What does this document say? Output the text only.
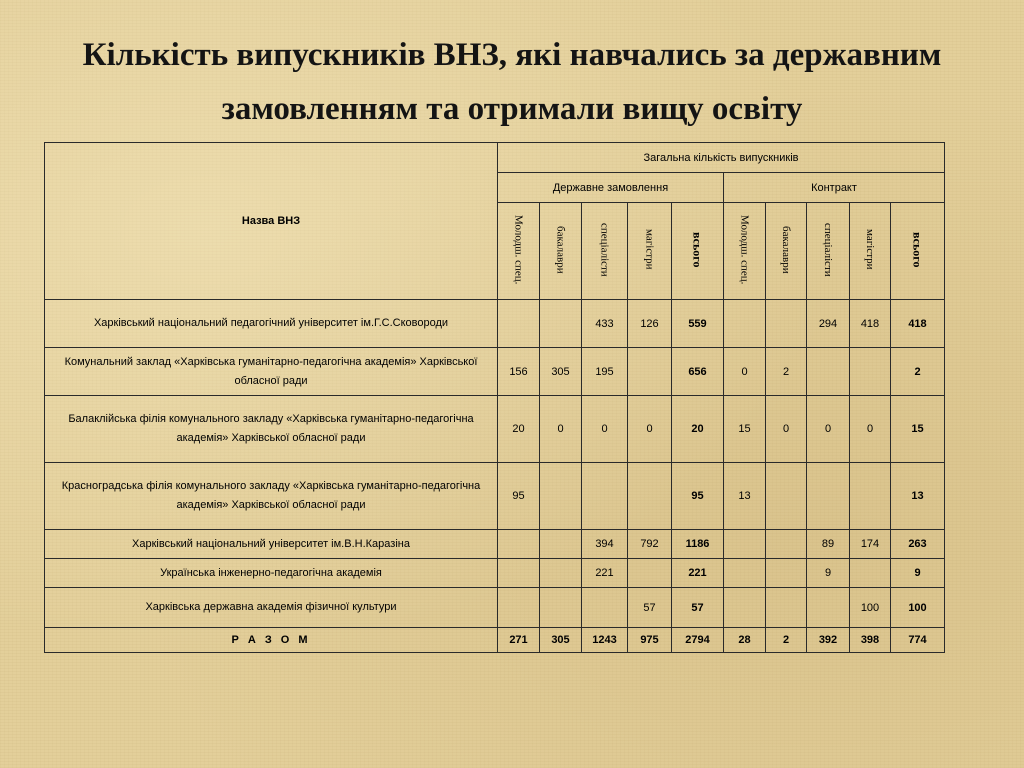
Кількість випускників ВНЗ, які навчались за державним
замовленням та отримали вищу освіту
Назва ВНЗ	Загальна кількість випускників									
	Державне замовлення					Контракт				
	Молодш. спец.	бакалаври	спеціалісти	магістри	всього	Молодш. спец.	бакалаври	спеціалісти	магістри	всього
Харківський національний педагогічний університет ім.Г.С.Сковороди			433	126	559			294	418	418
Комунальний заклад «Харківська гуманітарно-педагогічна академія» Харківської обласної ради	156	305	195		656	0	2			2
Балаклійська філія комунального закладу «Харківська гуманітарно-педагогічна академія» Харківської обласної ради	20	0	0	0	20	15	0	0	0	15
Красноградська філія комунального закладу «Харківська гуманітарно-педагогічна академія» Харківської обласної ради	95				95	13				13
Харківський національний університет ім.В.Н.Каразіна			394	792	1186			89	174	263
Українська інженерно-педагогічна академія			221		221			9		9
Харківська державна академія фізичної культури				57	57				100	100
Р А З О М	271	305	1243	975	2794	28	2	392	398	774
